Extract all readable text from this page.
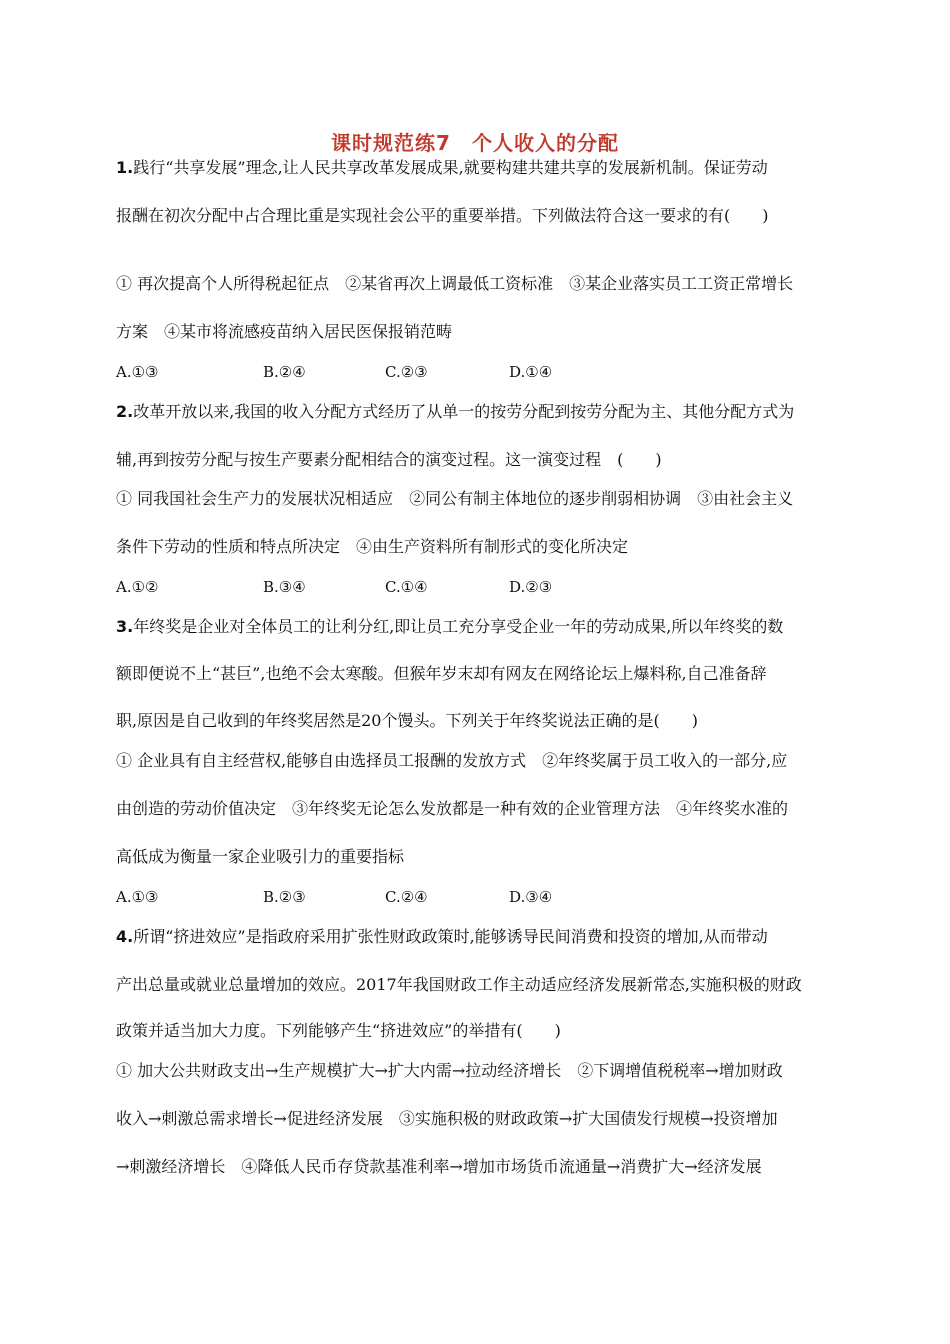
课时规范练7　个人收入的分配
1.践行“共享发展”理念,让人民共享改革发展成果,就要构建共建共享的发展新机制。保证劳动
报酬在初次分配中占合理比重是实现社会公平的重要举措。下列做法符合这一要求的有(　　)
① 再次提高个人所得税起征点　②某省再次上调最低工资标准　③某企业落实员工工资正常增长
方案　④某市将流感疫苗纳入居民医保报销范畴
A.①③	B.②④	C.②③	D.①④
2.改革开放以来,我国的收入分配方式经历了从单一的按劳分配到按劳分配为主、其他分配方式为
辅,再到按劳分配与按生产要素分配相结合的演变过程。这一演变过程　(　　)
① 同我国社会生产力的发展状况相适应　②同公有制主体地位的逐步削弱相协调　③由社会主义
条件下劳动的性质和特点所决定　④由生产资料所有制形式的变化所决定
A.①②	B.③④	C.①④	D.②③
3.年终奖是企业对全体员工的让利分红,即让员工充分享受企业一年的劳动成果,所以年终奖的数
额即便说不上“甚巨”,也绝不会太寒酸。但猴年岁末却有网友在网络论坛上爆料称,自己准备辞
职,原因是自己收到的年终奖居然是20个馒头。下列关于年终奖说法正确的是(　　)
① 企业具有自主经营权,能够自由选择员工报酬的发放方式　②年终奖属于员工收入的一部分,应
由创造的劳动价值决定　③年终奖无论怎么发放都是一种有效的企业管理方法　④年终奖水准的
高低成为衡量一家企业吸引力的重要指标
A.①③	B.②③	C.②④	D.③④
4.所谓“挤进效应”是指政府采用扩张性财政政策时,能够诱导民间消费和投资的增加,从而带动
产出总量或就业总量增加的效应。2017年我国财政工作主动适应经济发展新常态,实施积极的财政
政策并适当加大力度。下列能够产生“挤进效应”的举措有(　　)
① 加大公共财政支出→生产规模扩大→扩大内需→拉动经济增长　②下调增值税税率→增加财政
收入→刺激总需求增长→促进经济发展　③实施积极的财政政策→扩大国债发行规模→投资增加
→刺激经济增长　④降低人民币存贷款基准利率→增加市场货币流通量→消费扩大→经济发展
